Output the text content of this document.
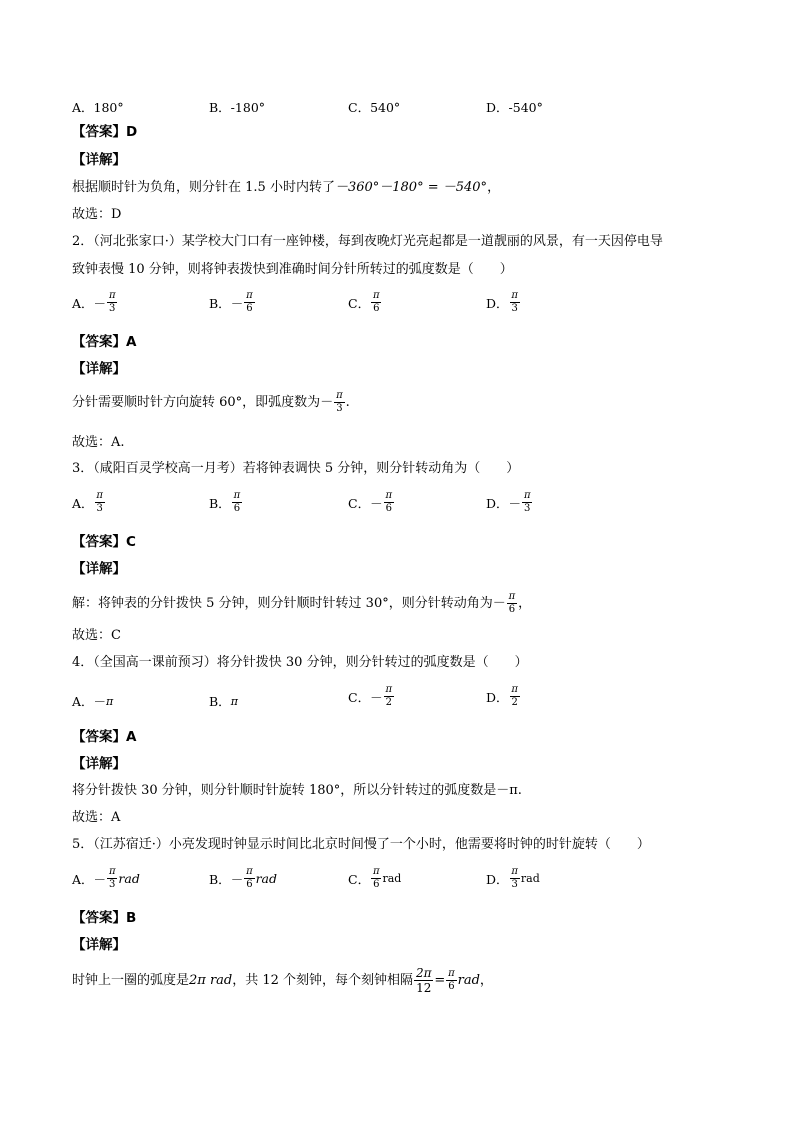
A．180°	B．-180°	C．540°	D．-540°
【答案】D
【详解】
根据顺时针为负角，则分针在 1.5 小时内转了－360°－180° = －540°，
故选：D
2．（河北张家口·）某学校大门口有一座钟楼，每到夜晚灯光亮起都是一道靓丽的风景，有一天因停电导
致钟表慢 10 分钟，则将钟表拨快到准确时间分针所转过的弧度数是（　　）
A． － $\frac{\pi}{3}$	B． － $\frac{\pi}{6}$	C． $\frac{\pi}{6}$	D． $\frac{\pi}{3}$
【答案】A
【详解】
分针需要顺时针方向旋转 60°，即弧度数为 － $\frac{\pi}{3}$ .
故选：A.
3．（咸阳百灵学校高一月考）若将钟表调快 5 分钟，则分针转动角为（　　）
A． $\frac{\pi}{3}$	B． $\frac{\pi}{6}$	C． － $\frac{\pi}{6}$	D． － $\frac{\pi}{3}$
【答案】C
【详解】
解：将钟表的分针拨快 5 分钟，则分针顺时针转过 30°，则分针转动角为 － $\frac{\pi}{6}$ ，
故选：C
4．（全国高一课前预习）将分针拨快 30 分钟，则分针转过的弧度数是（　　）
A． － π	B． π	C． － $\frac{\pi}{2}$	D． $\frac{\pi}{2}$
【答案】A
【详解】
将分针拨快 30 分钟，则分针顺时针旋转 180°，所以分针转过的弧度数是－π.
故选：A
5．（江苏宿迁·）小亮发现时钟显示时间比北京时间慢了一个小时，他需要将时钟的时针旋转（　　）
A． － $\frac{\pi}{3}$ rad	B． － $\frac{\pi}{6}$ rad	C． $\frac{\pi}{6}$ rad	D． $\frac{\pi}{3}$ rad
【答案】B
【详解】
时钟上一圈的弧度是 2π rad ，共 12 个刻钟，每个刻钟相隔 $\frac{2\pi}{12} = \frac{\pi}{6}$ rad ，
